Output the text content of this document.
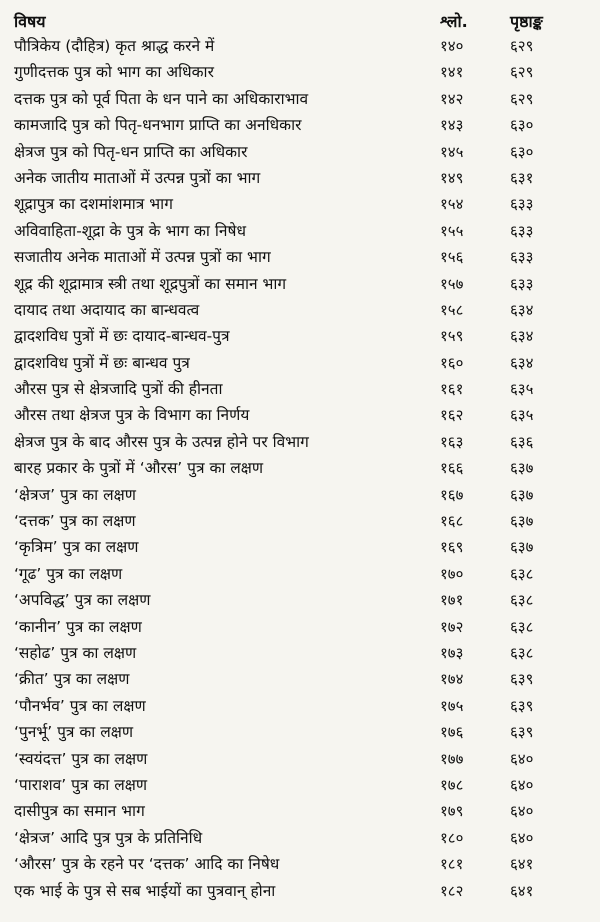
विषय	श्लो.	पृष्ठाङ्क
पौत्रिकेय (दौहित्र) कृत श्राद्ध करने में	१४०	६२९
गुणीदत्तक पुत्र को भाग का अधिकार	१४१	६२९
दत्तक पुत्र को पूर्व पिता के धन पाने का अधिकाराभाव	१४२	६२९
कामजादि पुत्र को पितृ-धनभाग प्राप्ति का अनधिकार	१४३	६३०
क्षेत्रज पुत्र को पितृ-धन प्राप्ति का अधिकार	१४५	६३०
अनेक जातीय माताओं में उत्पन्न पुत्रों का भाग	१४९	६३१
शूद्रापुत्र का दशमांशमात्र भाग	१५४	६३३
अविवाहिता-शूद्रा के पुत्र के भाग का निषेध	१५५	६३३
सजातीय अनेक माताओं में उत्पन्न पुत्रों का भाग	१५६	६३३
शूद्र की शूद्रामात्र स्त्री तथा शूद्रपुत्रों का समान भाग	१५७	६३३
दायाद तथा अदायाद का बान्धवत्व	१५८	६३४
द्वादशविध पुत्रों में छः दायाद-बान्धव-पुत्र	१५९	६३४
द्वादशविध पुत्रों में छः बान्धव पुत्र	१६०	६३४
औरस पुत्र से क्षेत्रजादि पुत्रों की हीनता	१६१	६३५
औरस तथा क्षेत्रज पुत्र के विभाग का निर्णय	१६२	६३५
क्षेत्रज पुत्र के बाद औरस पुत्र के उत्पन्न होने पर विभाग	१६३	६३६
बारह प्रकार के पुत्रों में ‘औरस’ पुत्र का लक्षण	१६६	६३७
‘क्षेत्रज’ पुत्र का लक्षण	१६७	६३७
‘दत्तक’ पुत्र का लक्षण	१६८	६३७
‘कृत्रिम’ पुत्र का लक्षण	१६९	६३७
‘गूढ’ पुत्र का लक्षण	१७०	६३८
‘अपविद्ध’ पुत्र का लक्षण	१७१	६३८
‘कानीन’ पुत्र का लक्षण	१७२	६३८
‘सहोढ’ पुत्र का लक्षण	१७३	६३८
‘क्रीत’ पुत्र का लक्षण	१७४	६३९
‘पौनर्भव’ पुत्र का लक्षण	१७५	६३९
‘पुनर्भू’ पुत्र का लक्षण	१७६	६३९
‘स्वयंदत्त’ पुत्र का लक्षण	१७७	६४०
‘पाराशव’ पुत्र का लक्षण	१७८	६४०
दासीपुत्र का समान भाग	१७९	६४०
‘क्षेत्रज’ आदि पुत्र पुत्र के प्रतिनिधि	१८०	६४०
‘औरस’ पुत्र के रहने पर ‘दत्तक’ आदि का निषेध	१८१	६४१
एक भाई के पुत्र से सब भाईयों का पुत्रवान् होना	१८२	६४१
